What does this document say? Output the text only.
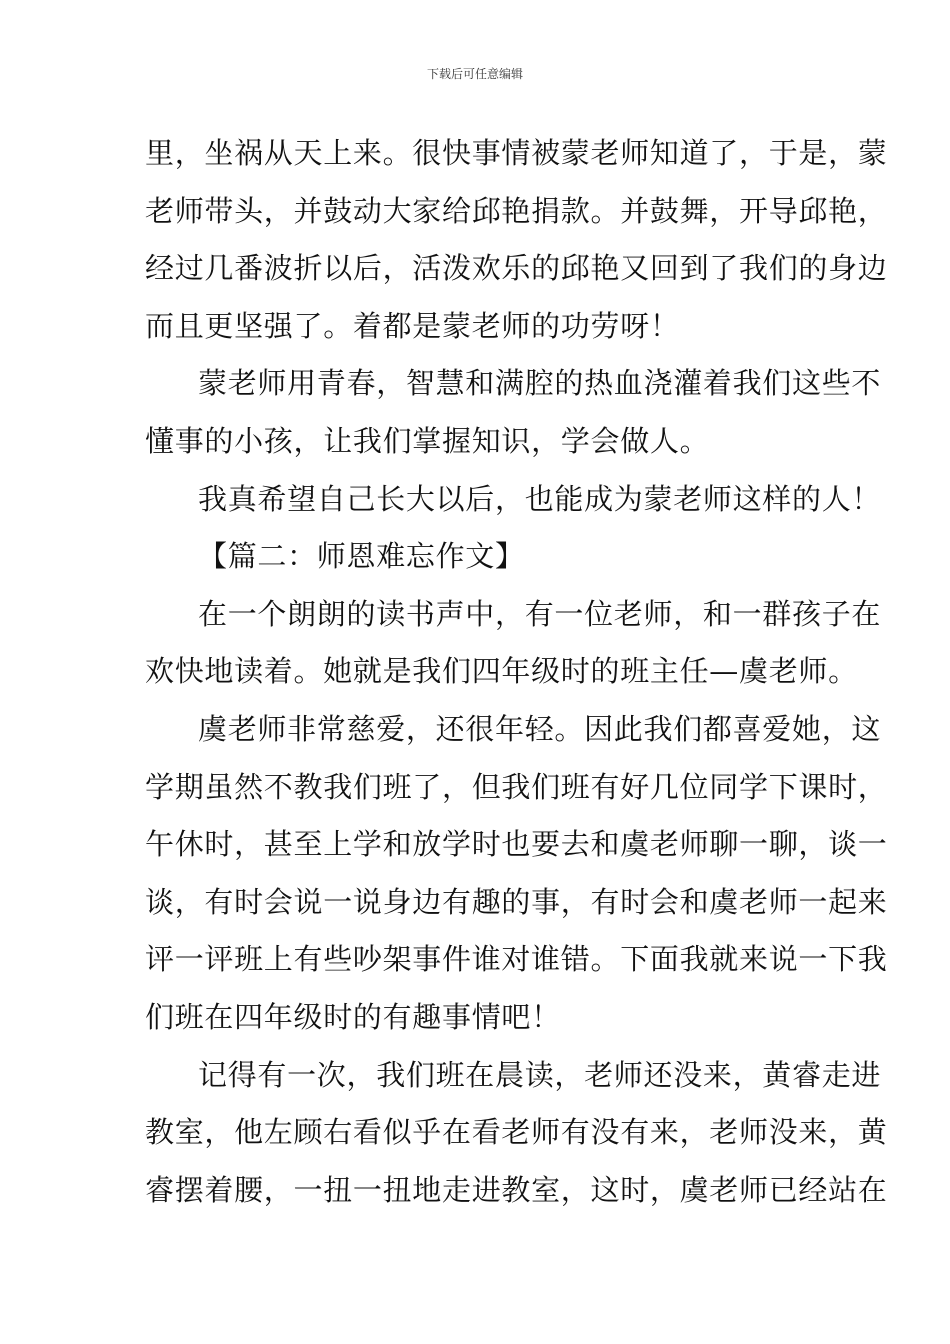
下载后可任意编辑
里，坐祸从天上来。很快事情被蒙老师知道了，于是，蒙
老师带头，并鼓动大家给邱艳捐款。并鼓舞，开导邱艳，
经过几番波折以后，活泼欢乐的邱艳又回到了我们的身边
而且更坚强了。着都是蒙老师的功劳呀！
蒙老师用青春，智慧和满腔的热血浇灌着我们这些不
懂事的小孩，让我们掌握知识，学会做人。
我真希望自己长大以后，也能成为蒙老师这样的人！
【篇二：师恩难忘作文】
在一个朗朗的读书声中，有一位老师，和一群孩子在
欢快地读着。她就是我们四年级时的班主任—虞老师。
虞老师非常慈爱，还很年轻。因此我们都喜爱她，这
学期虽然不教我们班了，但我们班有好几位同学下课时，
午休时，甚至上学和放学时也要去和虞老师聊一聊，谈一
谈，有时会说一说身边有趣的事，有时会和虞老师一起来
评一评班上有些吵架事件谁对谁错。下面我就来说一下我
们班在四年级时的有趣事情吧！
记得有一次，我们班在晨读，老师还没来，黄睿走进
教室，他左顾右看似乎在看老师有没有来，老师没来，黄
睿摆着腰，一扭一扭地走进教室，这时，虞老师已经站在
